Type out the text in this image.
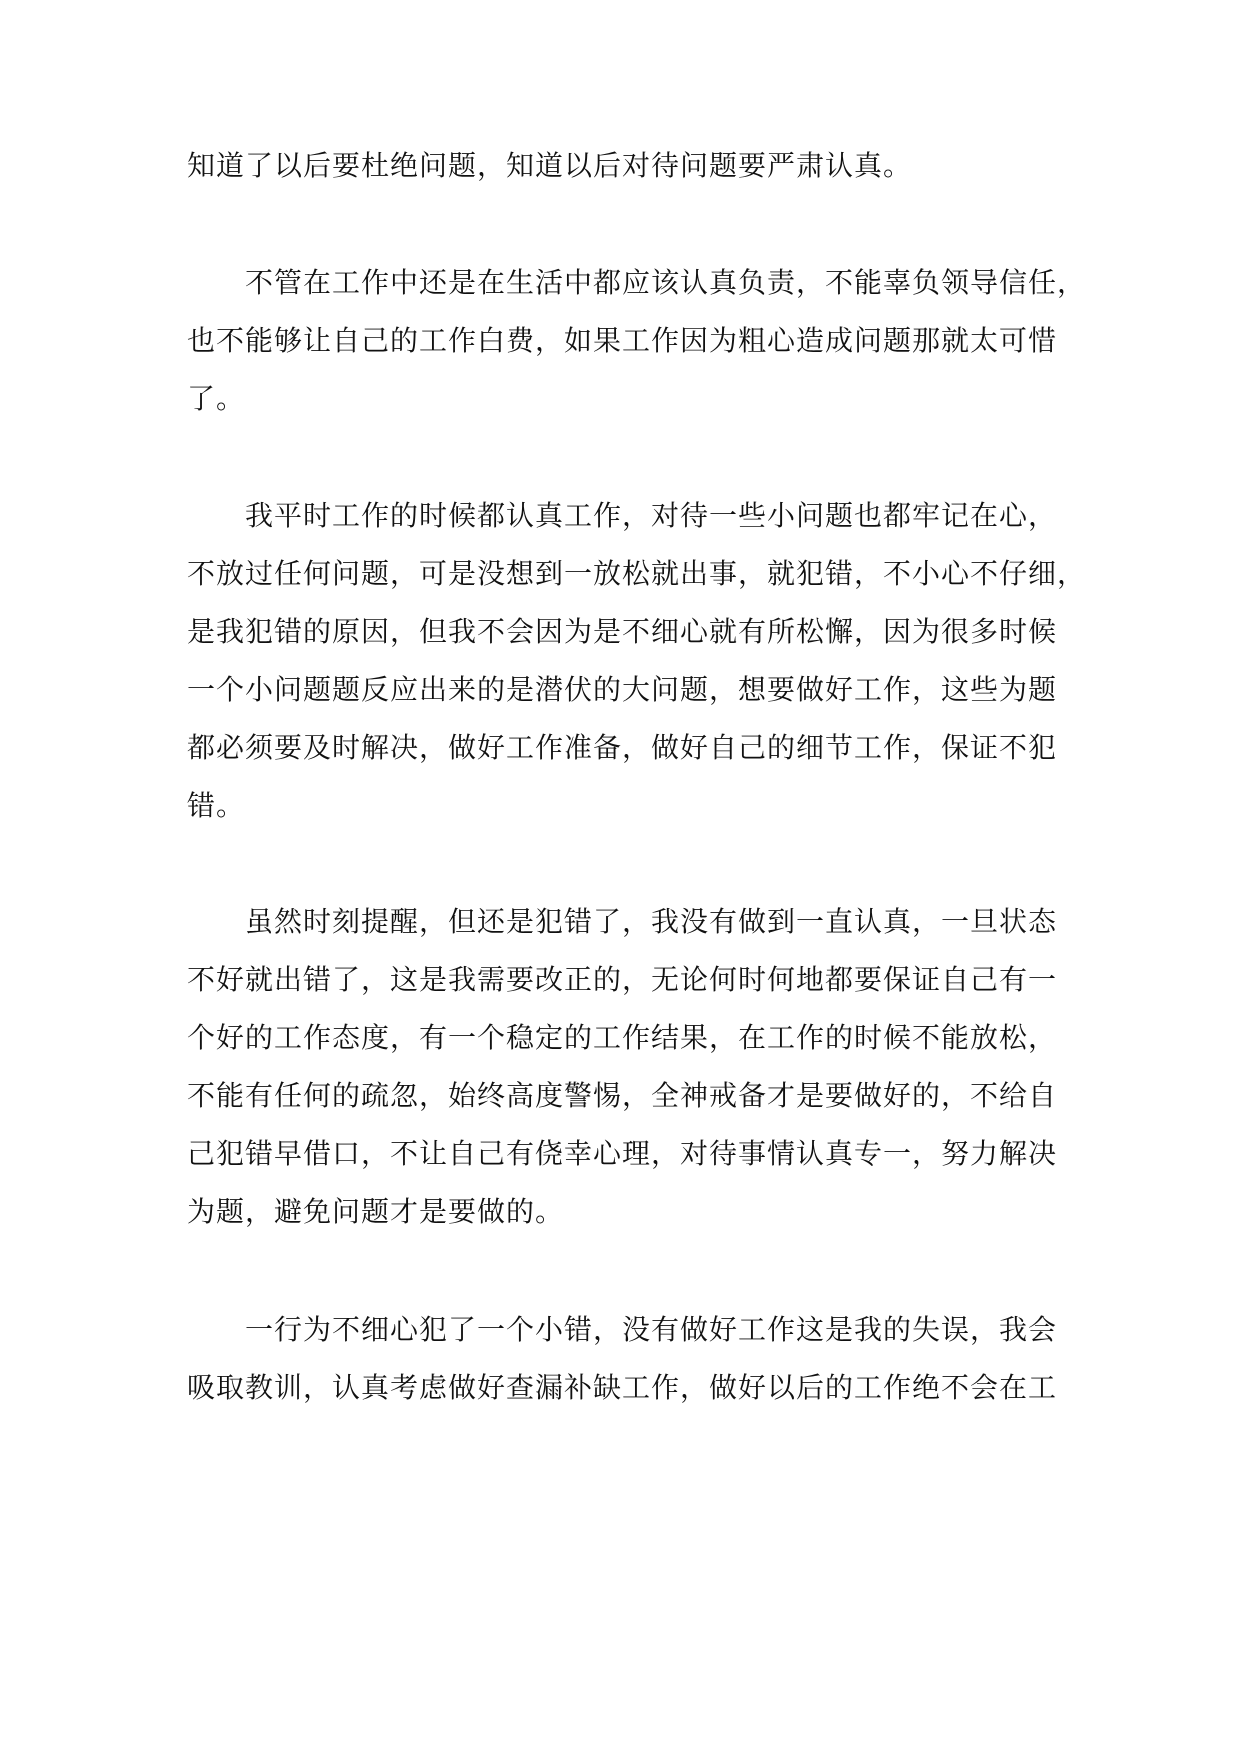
知道了以后要杜绝问题，知道以后对待问题要严肃认真。
不管在工作中还是在生活中都应该认真负责，不能辜负领导信任，
也不能够让自己的工作白费，如果工作因为粗心造成问题那就太可惜
了。
我平时工作的时候都认真工作，对待一些小问题也都牢记在心，
不放过任何问题，可是没想到一放松就出事，就犯错，不小心不仔细，
是我犯错的原因，但我不会因为是不细心就有所松懈，因为很多时候
一个小问题题反应出来的是潜伏的大问题，想要做好工作，这些为题
都必须要及时解决，做好工作准备，做好自己的细节工作，保证不犯
错。
虽然时刻提醒，但还是犯错了，我没有做到一直认真，一旦状态
不好就出错了，这是我需要改正的，无论何时何地都要保证自己有一
个好的工作态度，有一个稳定的工作结果，在工作的时候不能放松，
不能有任何的疏忽，始终高度警惕，全神戒备才是要做好的，不给自
己犯错早借口，不让自己有侥幸心理，对待事情认真专一，努力解决
为题，避免问题才是要做的。
一行为不细心犯了一个小错，没有做好工作这是我的失误，我会
吸取教训，认真考虑做好查漏补缺工作，做好以后的工作绝不会在工
